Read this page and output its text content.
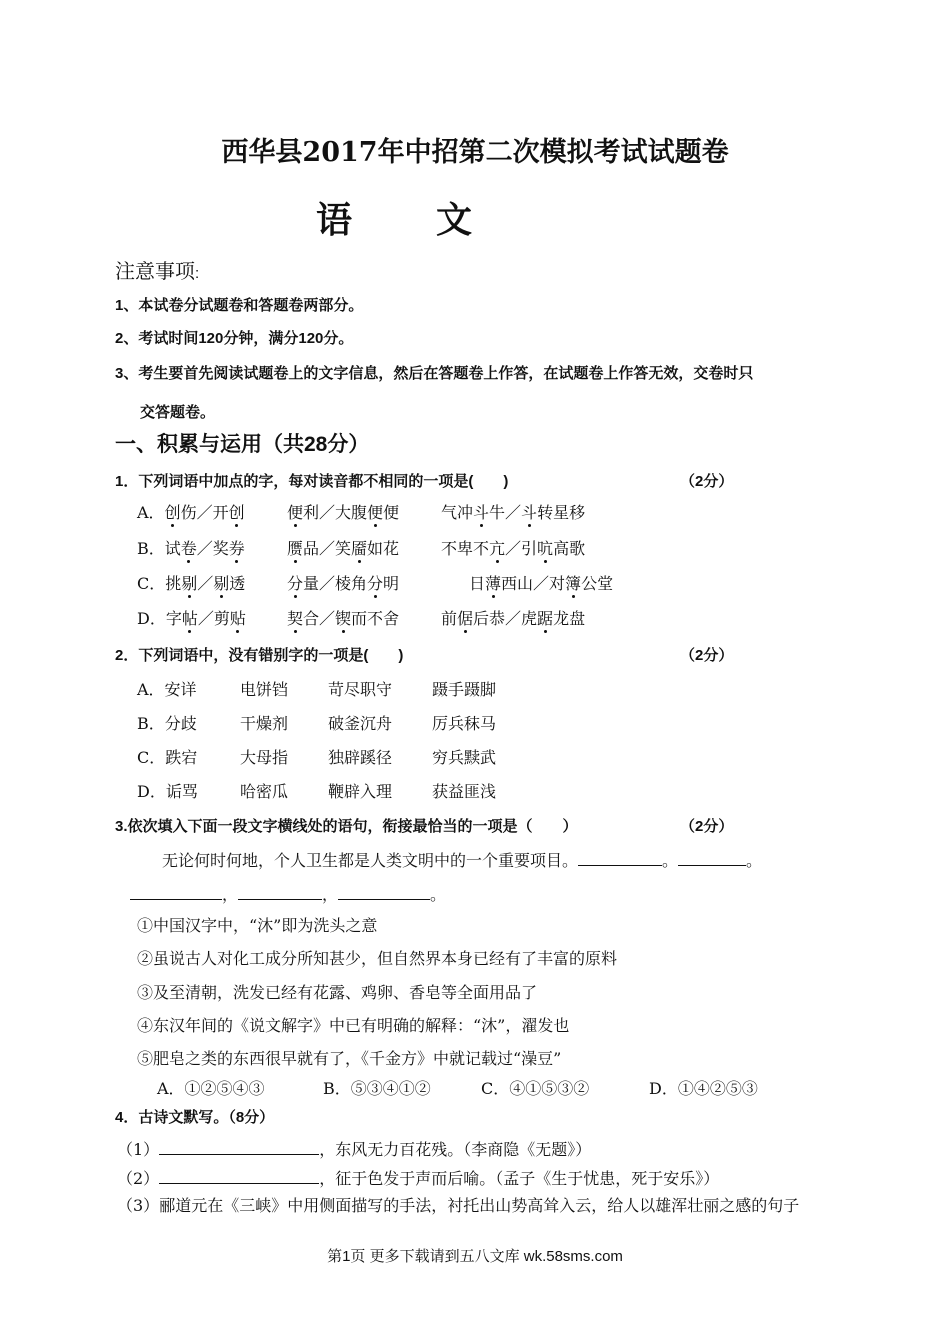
西华县2017年中招第二次模拟考试试题卷
语 文
注意事项:
1、本试卷分试题卷和答题卷两部分。
2、考试时间120分钟，满分120分。
3、考生要首先阅读试题卷上的文字信息，然后在答题卷上作答，在试题卷上作答无效，交卷时只
交答题卷。
一、积累与运用（共28分）
1．下列词语中加点的字，每对读音都不相同的一项是(　　)	（2分）
A．创伤／开创	便利／大腹便便	气冲斗牛／斗转星移
B．试卷／奖券	赝品／笑靥如花	不卑不亢／引吭高歌
C．挑剔／剔透	分量／棱角分明	日薄西山／对簿公堂
D．字帖／剪贴	契合／锲而不舍	前倨后恭／虎踞龙盘
2．下列词语中，没有错别字的一项是(　　)	（2分）
A．安详	电饼铛 苛尽职守 蹑手蹑脚
B．分歧	干燥剂 破釜沉舟 厉兵秣马
C．跌宕	大母指 独辟蹊径 穷兵黩武
D．诟骂	哈密瓜 鞭辟入理 获益匪浅
3.依次填入下面一段文字横线处的语句，衔接最恰当的一项是（　　）	（2分）
无论何时何地，个人卫生都是人类文明中的一个重要项目。	。	。
，	，	。
①中国汉字中，“沐”即为洗头之意
②虽说古人对化工成分所知甚少，但自然界本身已经有了丰富的原料
③及至清朝，洗发已经有花露、鸡卵、香皂等全面用品了
④东汉年间的《说文解字》中已有明确的解释：“沐”，濯发也
⑤肥皂之类的东西很早就有了，《千金方》中就记载过“澡豆”
A．①②⑤④③	B．⑤③④①②	C．④①⑤③②	D．①④②⑤③
4．古诗文默写。（8分）
（1）	，东风无力百花残。（李商隐《无题》）
（2）	，征于色发于声而后喻。（孟子《生于忧患，死于安乐》）
（3）郦道元在《三峡》中用侧面描写的手法，衬托出山势高耸入云，给人以雄浑壮丽之感的句子
第1页 更多下载请到五八文库 wk.58sms.com
